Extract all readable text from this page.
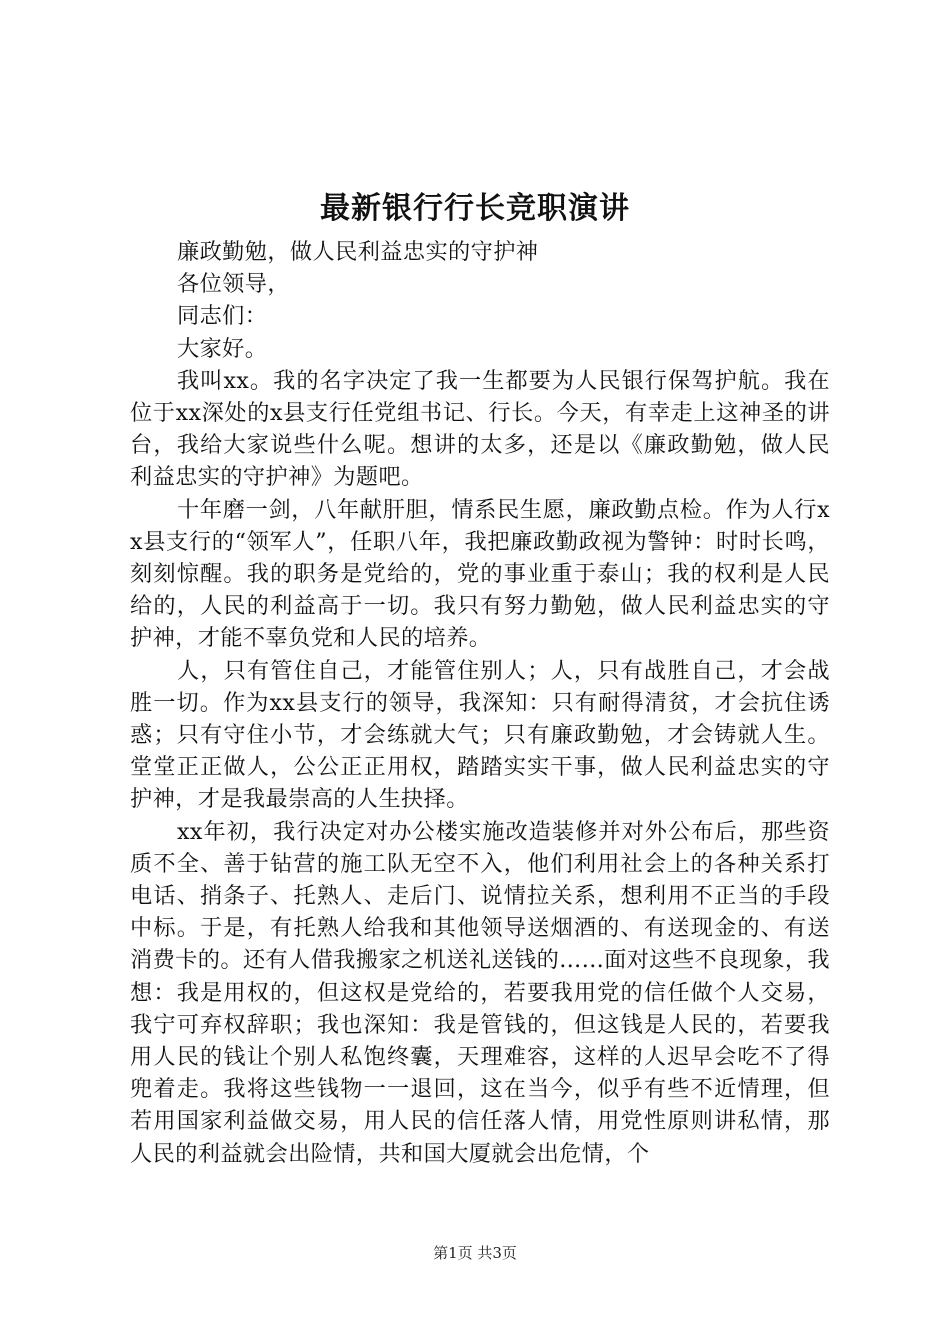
最新银行行长竞职演讲

廉政勤勉，做人民利益忠实的守护神

各位领导，

同志们：

大家好。

我叫xx。我的名字决定了我一生都要为人民银行保驾护航。我在位于xx深处的x县支行任党组书记、行长。今天，有幸走上这神圣的讲台，我给大家说些什么呢。想讲的太多，还是以《廉政勤勉，做人民利益忠实的守护神》为题吧。

十年磨一剑，八年献肝胆，情系民生愿，廉政勤点检。作为人行xx县支行的“领军人”，任职八年，我把廉政勤政视为警钟：时时长鸣，刻刻惊醒。我的职务是党给的，党的事业重于泰山；我的权利是人民给的，人民的利益高于一切。我只有努力勤勉，做人民利益忠实的守护神，才能不辜负党和人民的培养。

人，只有管住自己，才能管住别人；人，只有战胜自己，才会战胜一切。作为xx县支行的领导，我深知：只有耐得清贫，才会抗住诱惑；只有守住小节，才会练就大气；只有廉政勤勉，才会铸就人生。堂堂正正做人，公公正正用权，踏踏实实干事，做人民利益忠实的守护神，才是我最崇高的人生抉择。

xx年初，我行决定对办公楼实施改造装修并对外公布后，那些资质不全、善于钻营的施工队无空不入，他们利用社会上的各种关系打电话、捎条子、托熟人、走后门、说情拉关系，想利用不正当的手段中标。于是，有托熟人给我和其他领导送烟酒的、有送现金的、有送消费卡的。还有人借我搬家之机送礼送钱的…...面对这些不良现象，我想：我是用权的，但这权是党给的，若要我用党的信任做个人交易，我宁可弃权辞职；我也深知：我是管钱的，但这钱是人民的，若要我用人民的钱让个别人私饱终囊，天理难容，这样的人迟早会吃不了得兜着走。我将这些钱物一一退回，这在当今，似乎有些不近情理，但若用国家利益做交易，用人民的信任落人情，用党性原则讲私情，那人民的利益就会出险情，共和国大厦就会出危情，个

第1页 共3页
